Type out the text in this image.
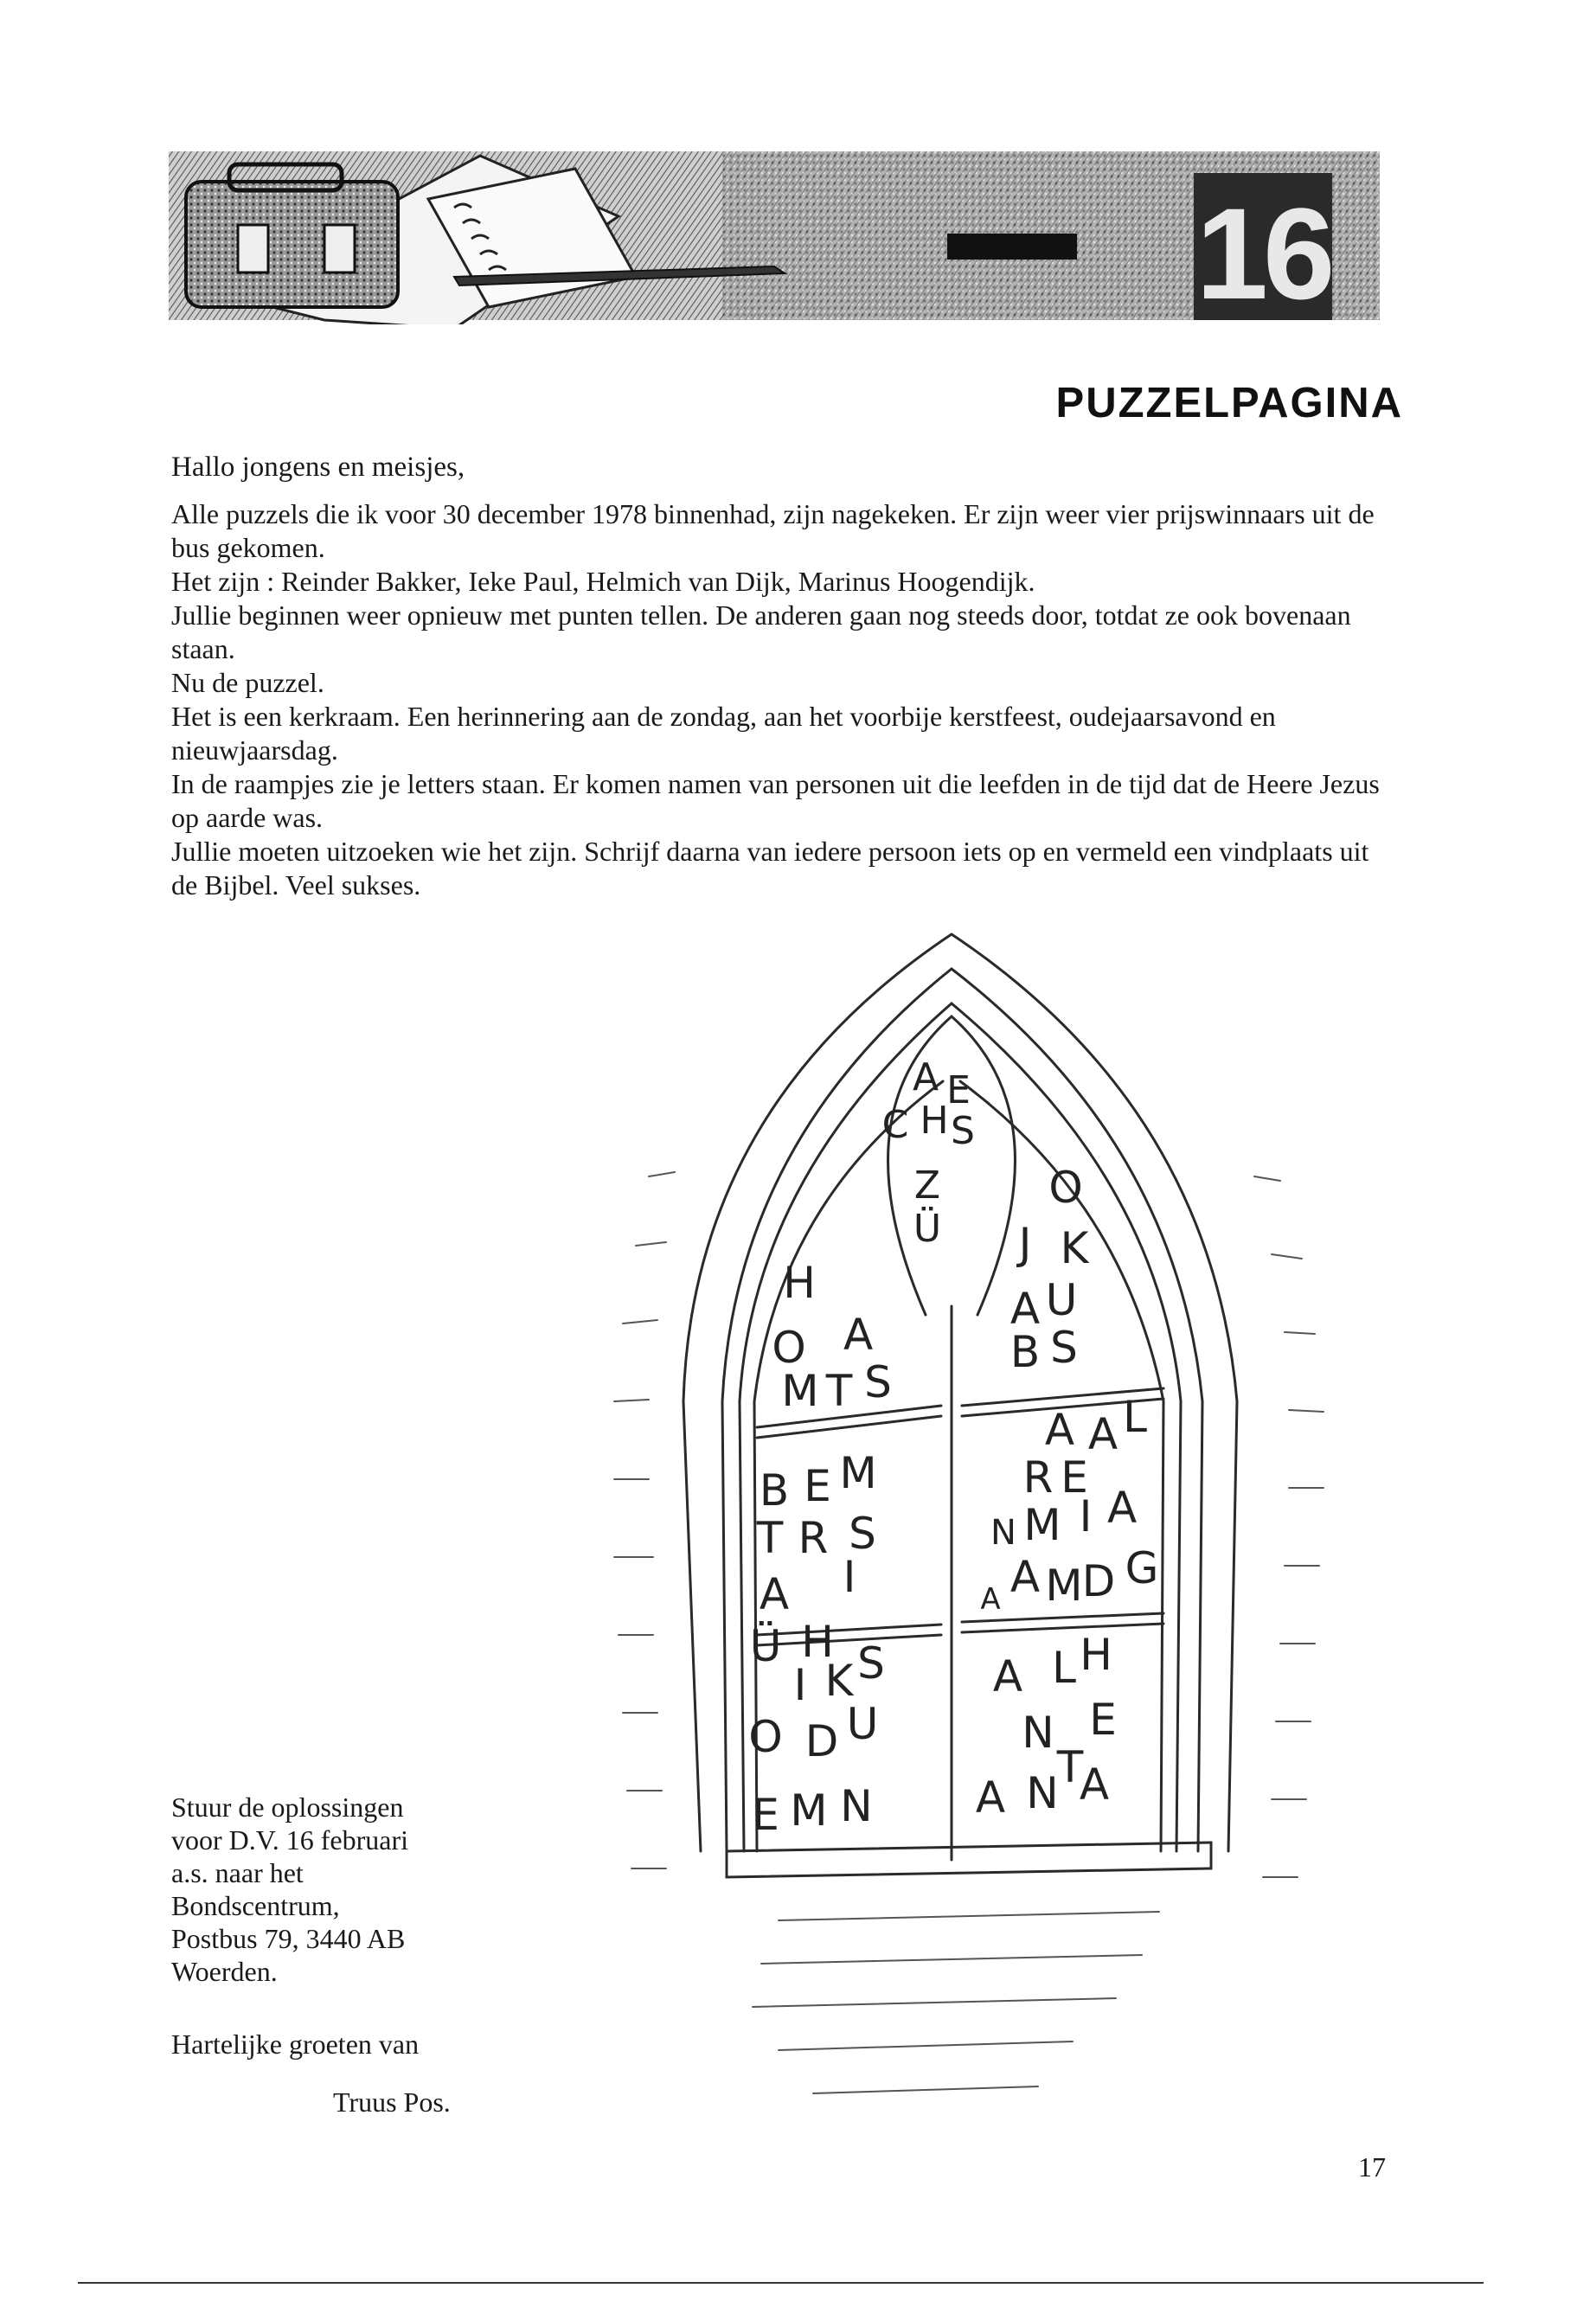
16
PUZZELPAGINA

Hallo jongens en meisjes,

Alle puzzels die ik voor 30 december 1978 binnenhad, zijn nagekeken. Er zijn weer vier prijswinnaars uit de bus gekomen.

Het zijn : Reinder Bakker, Ieke Paul, Helmich van Dijk, Marinus Hoogendijk.

Jullie beginnen weer opnieuw met punten tellen. De anderen gaan nog steeds door, totdat ze ook bovenaan staan.

Nu de puzzel.

Het is een kerkraam. Een herinnering aan de zondag, aan het voorbije kerstfeest, oudejaarsavond en nieuwjaarsdag.

In de raampjes zie je letters staan. Er komen namen van personen uit die leefden in de tijd dat de Heere Jezus op aarde was.

Jullie moeten uitzoeken wie het zijn. Schrijf daarna van iedere persoon iets op en vermeld een vindplaats uit de Bijbel. Veel sukses.

A E C HS Z Ü
H O A M T S
O J K A U B S
B E M T R S A I Ü H
A A L R E N M I A A A MD G
I KS O D U E M N
A LH N E T A N A

Stuur de oplossingen

voor D.V. 16 februari

a.s. naar het

Bondscentrum,

Postbus 79, 3440 AB

Woerden.

Hartelijke groeten van

Truus Pos.

17
